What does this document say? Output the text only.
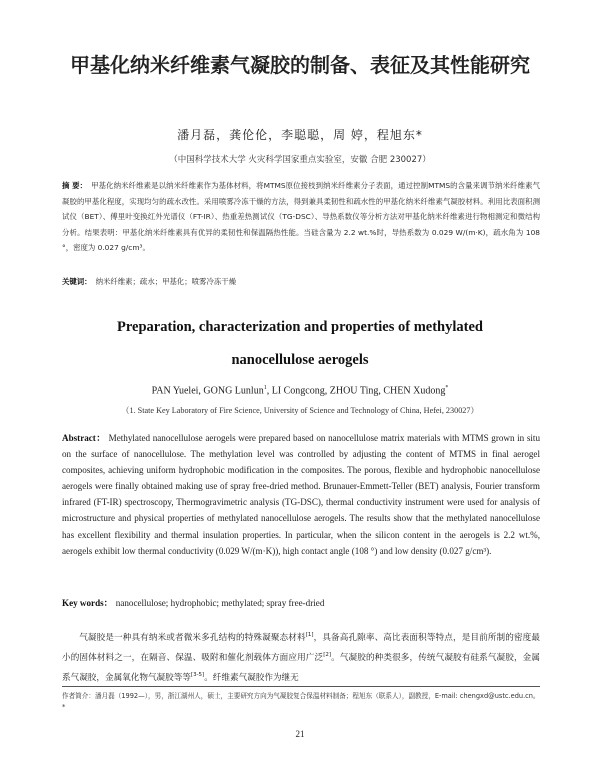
甲基化纳米纤维素气凝胶的制备、表征及其性能研究
潘月磊，龚伦伦，李聪聪，周 婷，程旭东*
（中国科学技术大学 火灾科学国家重点实验室，安徽 合肥 230027）
摘 要： 甲基化纳米纤维素是以纳米纤维素作为基体材料，将MTMS原位接枝到纳米纤维素分子表面，通过控制MTMS的含量来调节纳米纤维素气凝胶的甲基化程度，实现均匀的疏水改性。采用喷雾冷冻干燥的方法，得到兼具柔韧性和疏水性的甲基化纳米纤维素气凝胶材料。利用比表面积测试仪（BET）、傅里叶变换红外光谱仪（FT-IR）、热重差热测试仪（TG-DSC）、导热系数仪等分析方法对甲基化纳米纤维素进行物相测定和微结构分析。结果表明：甲基化纳米纤维素具有优异的柔韧性和保温隔热性能。当硅含量为 2.2 wt.%时，导热系数为 0.029 W/(m·K)，疏水角为 108 °，密度为 0.027 g/cm³。
关键词： 纳米纤维素；疏水；甲基化；喷雾冷冻干燥
Preparation, characterization and properties of methylated nanocellulose aerogels
PAN Yuelei, GONG Lunlun$^1$, LI Congcong, ZHOU Ting, CHEN Xudong*
（1. State Key Laboratory of Fire Science, University of Science and Technology of China, Hefei, 230027）
Abstract： Methylated nanocellulose aerogels were prepared based on nanocellulose matrix materials with MTMS grown in situ on the surface of nanocellulose. The methylation level was controlled by adjusting the content of MTMS in final aerogel composites, achieving uniform hydrophobic modification in the composites. The porous, flexible and hydrophobic nanocellulose aerogels were finally obtained making use of spray free-dried method. Brunauer-Emmett-Teller (BET) analysis, Fourier transform infrared (FT-IR) spectroscopy, Thermogravimetric analysis (TG-DSC), thermal conductivity instrument were used for analysis of microstructure and physical properties of methylated nanocellulose aerogels. The results show that the methylated nanocellulose has excellent flexibility and thermal insulation properties. In particular, when the silicon content in the aerogels is 2.2 wt.%, aerogels exhibit low thermal conductivity (0.029 W/(m·K)), high contact angle (108 °) and low density (0.027 g/cm³).
Key words： nanocellulose; hydrophobic; methylated; spray free-dried
气凝胶是一种具有纳米或者微米多孔结构的特殊凝聚态材料[1]，具备高孔隙率、高比表面积等特点，是目前所制的密度最小的固体材料之一，在隔音、保温、吸附和催化剂载体方面应用广泛[2]。气凝胶的种类很多，传统气凝胶有硅系气凝胶，金属系气凝胶，金属氧化物气凝胶等等[3-5]。纤维素气凝胶作为继无
作者简介：潘月磊（1992—），男，浙江湖州人，硕士，主要研究方向为气凝胶复合保温材料制备；程旭东（联系人），副教授，E-mail: chengxd@ustc.edu.cn。
*
21
